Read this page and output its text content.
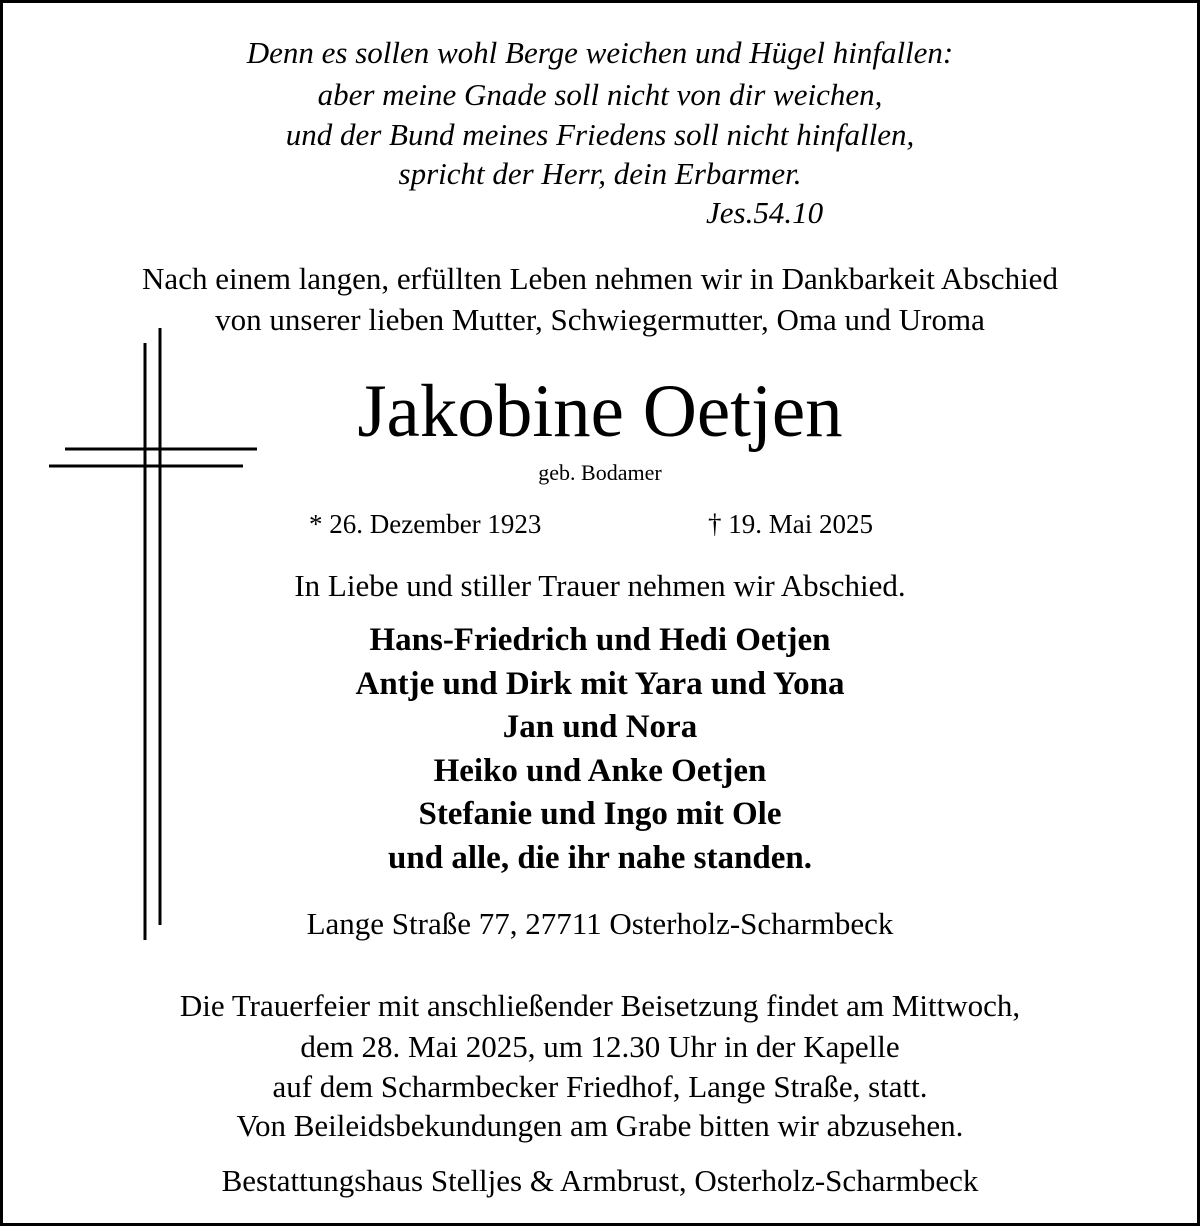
Denn es sollen wohl Berge weichen und Hügel hinfallen:
aber meine Gnade soll nicht von dir weichen,
und der Bund meines Friedens soll nicht hinfallen,
spricht der Herr, dein Erbarmer.
Jes.54.10
Nach einem langen, erfüllten Leben nehmen wir in Dankbarkeit Abschied
von unserer lieben Mutter, Schwiegermutter, Oma und Uroma
Jakobine Oetjen
geb. Bodamer
* 26. Dezember 1923	† 19. Mai 2025
In Liebe und stiller Trauer nehmen wir Abschied.
Hans-Friedrich und Hedi Oetjen
Antje und Dirk mit Yara und Yona
Jan und Nora
Heiko und Anke Oetjen
Stefanie und Ingo mit Ole
und alle, die ihr nahe standen.
Lange Straße 77, 27711 Osterholz-Scharmbeck
Die Trauerfeier mit anschließender Beisetzung findet am Mittwoch,
dem 28. Mai 2025, um 12.30 Uhr in der Kapelle
auf dem Scharmbecker Friedhof, Lange Straße, statt.
Von Beileidsbekundungen am Grabe bitten wir abzusehen.
Bestattungshaus Stelljes & Armbrust, Osterholz-Scharmbeck
